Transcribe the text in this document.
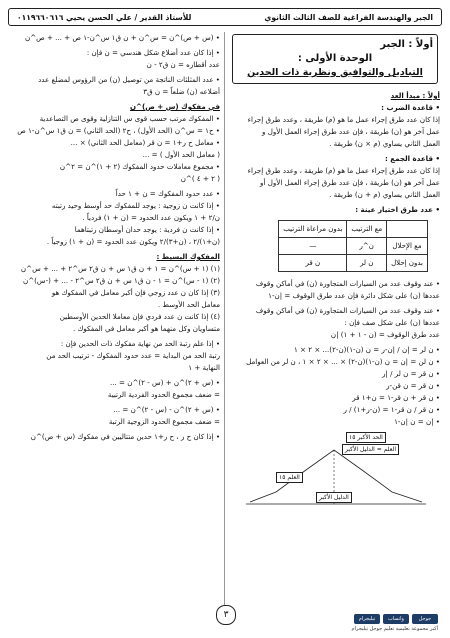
الجبر والهندسة الفراغية للصف الثالث الثانوي
للأستاذ القدير / علي الحسن يحيي ٠١١٩٦٦٠٦١٦
أولاً : الجبر
الوحدة الأولى :
التباديل والتوافيق ونظرية ذات الحدين
أولاً : مبدأ العد
• قاعدة الضرب :
إذا كان عدد طرق إجراء عمل ما هو (م) طريقة ، وعدد طرق إجراء
عمل آخر هو (ن) طريقة ، فإن عدد طرق إجراء العمل الأول و
العمل الثاني يساوي (م × ن) طريقة .
• قاعدة الجمع :
إذا كان عدد طرق إجراء عمل ما هو (م) طريقة ، وعدد طرق إجراء
عمل آخر هو (ن) طريقة ، فإن عدد طرق إجراء العمل الأول أو
العمل الثاني يساوي (م + ن) طريقة .
• عدد طرق اختيار عينة :
	مع الترتيب	بدون مراعاة الترتيب
مع الإحلال	ن^ر	—
بدون إحلال	ن لر	ن قر
• عند وقوف عدد من السيارات المتجاورة (ن) في أماكن وقوف
عددها (ن) على شكل دائرة فإن عدد طرق الوقوف = |ن-١
• عند وقوف عدد من السيارات المتجاورة (ن) في أماكن وقوف
عددها (ن) على شكل صف فإن :
عدد طرق الوقوف = (ن - ١ + ١) |ن
• ن لر = |ن / |ن-ر = ن (ن-١)(ن-٢)... × ٢ × ١
• ن لن = |ن = ن (ن-١)(ن-٢) × ... × ٢ × ١ ، ن لر من العوامل
• ن قر = ن لر / |ر
• ن قر = ن قن-ر
• ن قر + ن قر-١ = ن+١ قر
• ن قر / ن قر-١ = (ن-ر+١) / ر
• |ن = ن |ن-١
الحد الأكبر ١٥
العلم = الدليل الأكبر
العلم ١٥
الدليل الأكبر
• (س + ص)^ن = س^ن + ن ق١ س^ن-١ ص + ... + ص^ن
• إذا كان عدد أضلاع شكل هندسي = ن فإن :
عدد أقطاره = ن ق٢ - ن
• عدد المثلثات الناتجة من توصيل (ن) من الرؤوس لمضلع عدد
أضلاعه (ن) ضلعاً = ن ق٣
في مفكوك (س + ص)^ن
• المفكوك مرتب حسب قوى س التنازلية وقوى ص التصاعدية
• ح١ = س^ن (الحد الأول) ، ح٢ (الحد الثاني) = ن ق١ س^ن-١ ص
• معامل ح ر+١ = ن قر (معامل الحد الثاني) × ...
( معامل الحد الأول ) = ...
• مجموع معاملات حدود المفكوك (٢ + ١)^ن = ٢^ن
( ٢ + ٤ )^ن
• عدد حدود المفكوك = ن + ١ حداً
• إذا كانت ن زوجية : يوجد للمفكوك حد أوسط وحيد رتبته
ن/٢ + ١ ويكون عدد الحدود = (ن + ١) فردياً .
• إذا كانت ن فردية : يوجد حدان أوسطان رتبتاهما
(ن+١)/٢ ، (ن+٣)/٢ ويكون عدد الحدود = (ن + ١) زوجياً .
المفكوك البسيط :
(١) (١ + س)^ن = ١ + ن ق١ س + ن ق٢ س^٢ + ... + س^ن
(٢) (١ - س)^ن = ١ - ن ق١ س + ن ق٢ س^٢ - ... + (-س)^ن
(٣) إذا كان ن عدد زوجي فإن أكبر معامل في المفكوك هو
معامل الحد الأوسط .
(٤) إذا كانت ن عدد فردي فإن معاملا الحدين الأوسطين
متساويان وكل منهما هو أكبر معامل في المفكوك .
• إذا علم رتبة الحد من نهاية مفكوك ذات الحدين فإن :
رتبة الحد من البداية = عدد حدود المفكوك - ترتيب الحد من
النهاية + ١
• (س + ٢)^ن + (س - ٢)^ن = ...
= ضعف مجموع الحدود الفردية الرتبية
• (س + ٢)^ن - (س - ٢)^ن = ...
= ضعف مجموع الحدود الزوجية الرتبة
• إذا كان ح ر ، ح ر+١ حدين متتاليين في مفكوك (س + ص)^ن
٣	تيليجرام	واتساب	جوجل
أكبر مجموعة تعليمية تعليم جوجل تيليجرام
